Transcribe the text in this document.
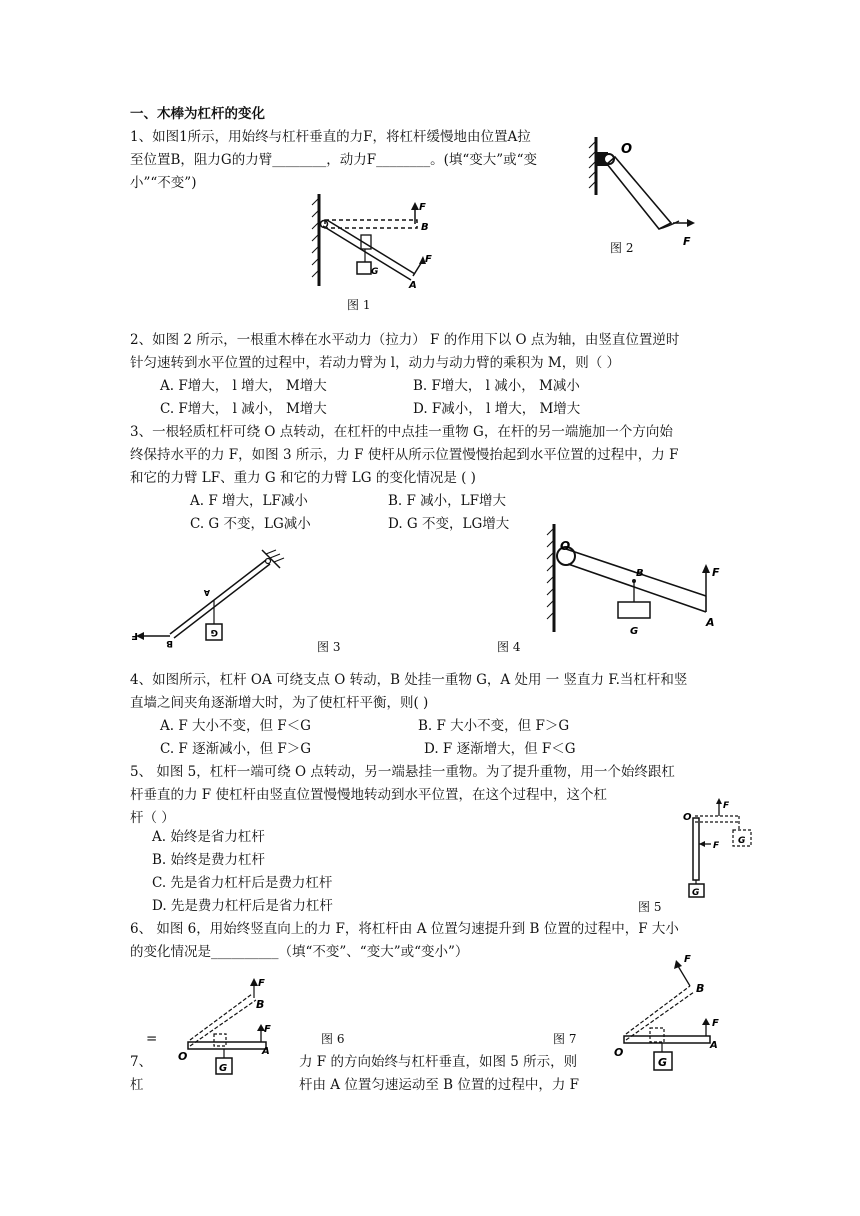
一、木棒为杠杆的变化
1、如图1所示，用始终与杠杆垂直的力F，将杠杆缓慢地由位置A拉
至位置B，阻力G的力臂________，动力F________。(填“变大”或“变
小”“不变”)
F
B
F
A
G
图 1
O
F
图 2
2、如图 2 所示，一根重木棒在水平动力（拉力） F 的作用下以 O 点为轴，由竖直位置逆时
针匀速转到水平位置的过程中，若动力臂为 l，动力与动力臂的乘积为 M，则（ ）
A. F增大， l 增大， M增大	B. F增大， l 减小， M减小
C. F增大， l 减小， M增大	D. F减小， l 增大， M增大
3、一根轻质杠杆可绕 O 点转动，在杠杆的中点挂一重物 G，在杆的另一端施加一个方向始
终保持水平的力 F，如图 3 所示，力 F 使杆从所示位置慢慢抬起到水平位置的过程中，力 F
和它的力臂 LF、重力 G 和它的力臂 LG 的变化情况是 ( )
A. F 增大，LF减小	B. F 减小，LF增大
C. G 不变，LG减小	D. G 不变，LG增大
G
A
B
F
图 3	图 4
O
B	F
A
G
4、如图所示，杠杆 OA 可绕支点 O 转动，B 处挂一重物 G，A 处用 一 竖直力 F.当杠杆和竖
直墙之间夹角逐渐增大时，为了使杠杆平衡，则( )
A. F 大小不变，但 F＜G	B. F 大小不变，但 F＞G
C. F 逐渐减小，但 F＞G	D. F 逐渐增大，但 F＜G
5、 如图 5，杠杆一端可绕 O 点转动，另一端悬挂一重物。为了提升重物，用一个始终跟杠
杆垂直的力 F 使杠杆由竖直位置慢慢地转动到水平位置，在这个过程中，这个杠
杆（ ）
A. 始终是省力杠杆
B. 始终是费力杠杆
C. 先是省力杠杆后是费力杠杆
D. 先是费力杠杆后是省力杠杆
O
F
G
F G
图 5
6、 如图 6，用始终竖直向上的力 F，将杠杆由 A 位置匀速提升到 B 位置的过程中，F 大小
的变化情况是__________（填“不变”、“变大”或“变小”）
=	图 6	图 7
O
F
B
F
A
G
O
F
B
F
A
G
7、	力 F 的方向始终与杠杆垂直，如图 5 所示，则
杠	杆由 A 位置匀速运动至 B 位置的过程中，力 F
